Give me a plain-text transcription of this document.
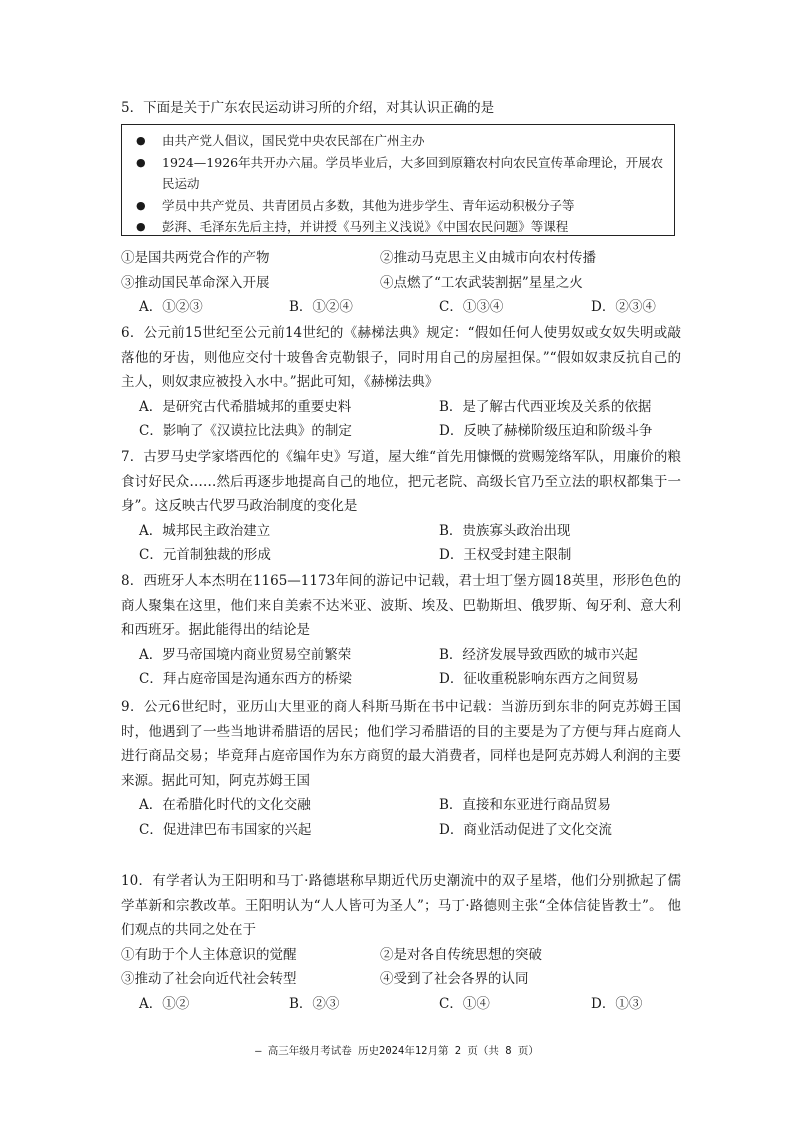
5．下面是关于广东农民运动讲习所的介绍，对其认识正确的是

● 由共产党人倡议，国民党中央农民部在广州主办
● 1924—1926年共开办六届。学员毕业后，大多回到原籍农村向农民宣传革命理论，开展农民运动
● 学员中共产党员、共青团员占多数，其他为进步学生、青年运动积极分子等
● 彭湃、毛泽东先后主持，并讲授《马列主义浅说》《中国农民问题》等课程
①是国共两党合作的产物	②推动马克思主义由城市向农村传播
③推动国民革命深入开展	④点燃了“工农武装割据”星星之火
A．①②③	B．①②④	C．①③④	D．②③④

6．公元前15世纪至公元前14世纪的《赫梯法典》规定：“假如任何人使男奴或女奴失明或敲落他的牙齿，则他应交付十玻鲁舍克勒银子，同时用自己的房屋担保。”“假如奴隶反抗自己的主人，则奴隶应被投入水中。”据此可知，《赫梯法典》

A．是研究古代希腊城邦的重要史料	B．是了解古代西亚埃及关系的依据
C．影响了《汉谟拉比法典》的制定	D．反映了赫梯阶级压迫和阶级斗争

7．古罗马史学家塔西佗的《编年史》写道，屋大维“首先用慷慨的赏赐笼络军队，用廉价的粮食讨好民众……然后再逐步地提高自己的地位，把元老院、高级长官乃至立法的职权都集于一身”。这反映古代罗马政治制度的变化是

A．城邦民主政治建立	B．贵族寡头政治出现
C．元首制独裁的形成	D．王权受封建主限制

8．西班牙人本杰明在1165—1173年间的游记中记载，君士坦丁堡方圆18英里，形形色色的商人聚集在这里，他们来自美索不达米亚、波斯、埃及、巴勒斯坦、俄罗斯、匈牙利、意大利和西班牙。据此能得出的结论是

A．罗马帝国境内商业贸易空前繁荣	B．经济发展导致西欧的城市兴起
C．拜占庭帝国是沟通东西方的桥梁	D．征收重税影响东西方之间贸易

9．公元6世纪时，亚历山大里亚的商人科斯马斯在书中记载：当游历到东非的阿克苏姆王国时，他遇到了一些当地讲希腊语的居民；他们学习希腊语的目的主要是为了方便与拜占庭商人进行商品交易；毕竟拜占庭帝国作为东方商贸的最大消费者，同样也是阿克苏姆人利润的主要来源。据此可知，阿克苏姆王国

A．在希腊化时代的文化交融	B．直接和东亚进行商品贸易
C．促进津巴布韦国家的兴起	D．商业活动促进了文化交流

10．有学者认为王阳明和马丁·路德堪称早期近代历史潮流中的双子星塔，他们分别掀起了儒学革新和宗教改革。王阳明认为“人人皆可为圣人”；马丁·路德则主张“全体信徒皆教士”。 他们观点的共同之处在于

①有助于个人主体意识的觉醒	②是对各自传统思想的突破
③推动了社会向近代社会转型	④受到了社会各界的认同
A．①②	B．②③	C．①④	D．①③
– 高三年级月考试卷 历史2024年12月第 2 页（共 8 页）
